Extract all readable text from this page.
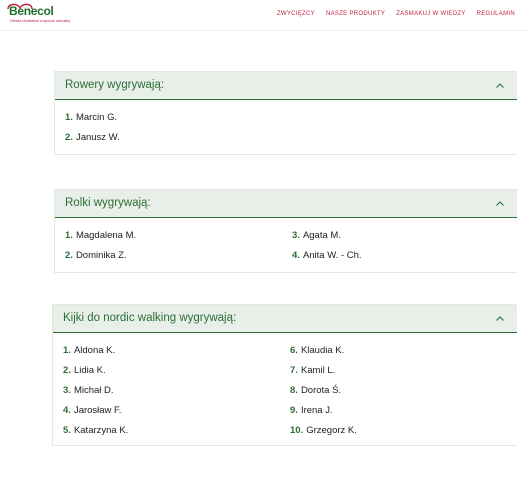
Benecol
Obniża cholesterol w sposób naturalny
ZWYCIĘZCY NASZE PRODUKTY ZASMAKUJ W WIEDZY REGULAMIN
Rowery wygrywają:
1. Marcin G.
2. Janusz W.
Rolki wygrywają:
1. Magdalena M.
2. Dominika Z.
3. Agata M.
4. Anita W. - Ch.
Kijki do nordic walking wygrywają:
1. Aldona K.
2. Lidia K.
3. Michał D.
4. Jarosław F.
5. Katarzyna K.
6. Klaudia K.
7. Kamil L.
8. Dorota Ś.
9. Irena J.
10. Grzegorz K.
